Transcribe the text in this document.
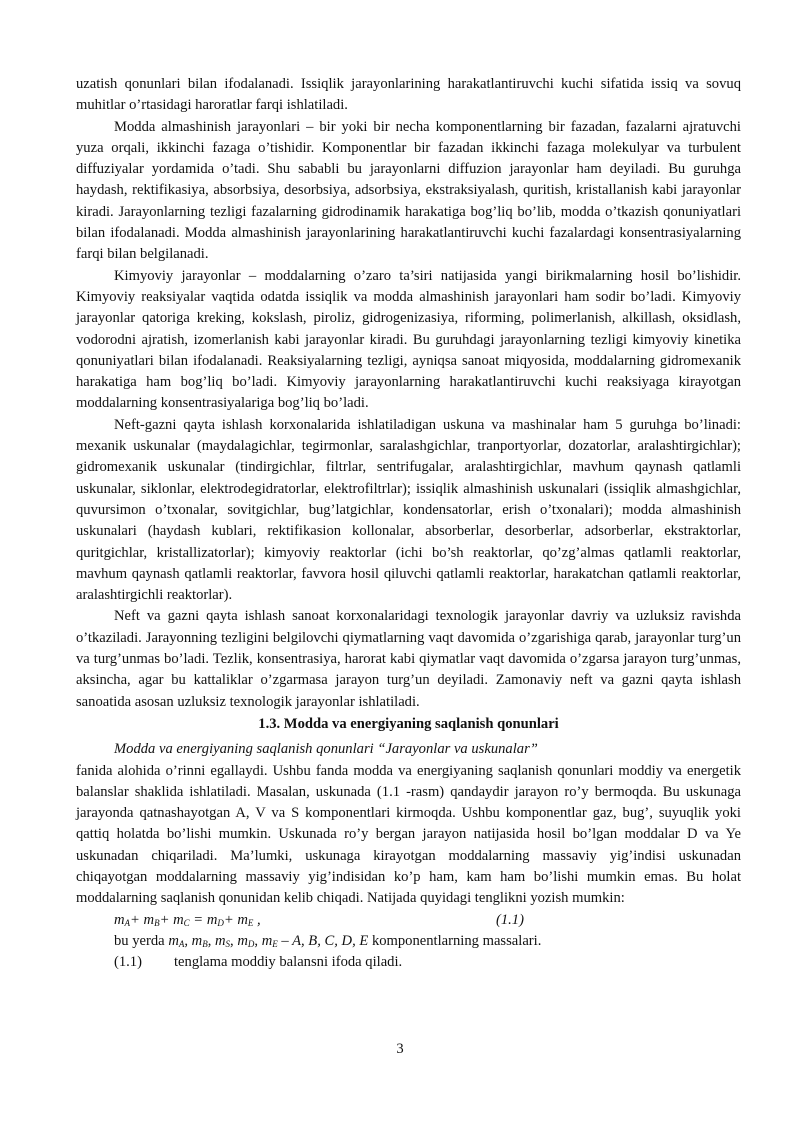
uzatish qonunlari bilan ifodalanadi. Issiqlik jarayonlarining harakatlantiruvchi kuchi sifatida issiq va sovuq muhitlar o’rtasidagi haroratlar farqi ishlatiladi.

Modda almashinish jarayonlari – bir yoki bir necha komponentlarning bir fazadan, fazalarni ajratuvchi yuza orqali, ikkinchi fazaga o’tishidir. Komponentlar bir fazadan ikkinchi fazaga molekulyar va turbulent diffuziyalar yordamida o’tadi. Shu sababli bu jarayonlarni diffuzion jarayonlar ham deyiladi. Bu guruhga haydash, rektifikasiya, absorbsiya, desorbsiya, adsorbsiya, ekstraksiyalash, quritish, kristallanish kabi jarayonlar kiradi. Jarayonlarning tezligi fazalarning gidrodinamik harakatiga bog’liq bo’lib, modda o’tkazish qonuniyatlari bilan ifodalanadi. Modda almashinish jarayonlarining harakatlantiruvchi kuchi fazalardagi konsentrasiyalarning farqi bilan belgilanadi.

Kimyoviy jarayonlar – moddalarning o’zaro ta’siri natijasida yangi birikmalarning hosil bo’lishidir. Kimyoviy reaksiyalar vaqtida odatda issiqlik va modda almashinish jarayonlari ham sodir bo’ladi. Kimyoviy jarayonlar qatoriga kreking, kokslash, piroliz, gidrogenizasiya, riforming, polimerlanish, alkillash, oksidlash, vodorodni ajratish, izomerlanish kabi jarayonlar kiradi. Bu guruhdagi jarayonlarning tezligi kimyoviy kinetika qonuniyatlari bilan ifodalanadi. Reaksiyalarning tezligi, ayniqsa sanoat miqyosida, moddalarning gidromexanik harakatiga ham bog’liq bo’ladi. Kimyoviy jarayonlarning harakatlantiruvchi kuchi reaksiyaga kirayotgan moddalarning konsentrasiyalariga bog’liq bo’ladi.

Neft-gazni qayta ishlash korxonalarida ishlatiladigan uskuna va mashinalar ham 5 guruhga bo’linadi: mexanik uskunalar (maydalagichlar, tegirmonlar, saralashgichlar, tranportyorlar, dozatorlar, aralashtirgichlar); gidromexanik uskunalar (tindirgichlar, filtrlar, sentrifugalar, aralashtirgichlar, mavhum qaynash qatlamli uskunalar, siklonlar, elektrodegidratorlar, elektrofiltrlar); issiqlik almashinish uskunalari (issiqlik almashgichlar, quvursimon o’txonalar, sovitgichlar, bug’latgichlar, kondensatorlar, erish o’txonalari); modda almashinish uskunalari (haydash kublari, rektifikasion kollonalar, absorberlar, desorberlar, adsorberlar, ekstraktorlar, quritgichlar, kristallizatorlar); kimyoviy reaktorlar (ichi bo’sh reaktorlar, qo’zg’almas qatlamli reaktorlar, mavhum qaynash qatlamli reaktorlar, favvora hosil qiluvchi qatlamli reaktorlar, harakatchan qatlamli reaktorlar, aralashtirgichli reaktorlar).

Neft va gazni qayta ishlash sanoat korxonalaridagi texnologik jarayonlar davriy va uzluksiz ravishda o’tkaziladi. Jarayonning tezligini belgilovchi qiymatlarning vaqt davomida o’zgarishiga qarab, jarayonlar turg’un va turg’unmas bo’ladi. Tezlik, konsentrasiya, harorat kabi qiymatlar vaqt davomida o’zgarsa jarayon turg’unmas, aksincha, agar bu kattaliklar o’zgarmasa jarayon turg’un deyiladi. Zamonaviy neft va gazni qayta ishlash sanoatida asosan uzluksiz texnologik jarayonlar ishlatiladi.

1.3. Modda va energiyaning saqlanish qonunlari

Modda va energiyaning saqlanish qonunlari “Jarayonlar va uskunalar”

fanida alohida o’rinni egallaydi. Ushbu fanda modda va energiyaning saqlanish qonunlari moddiy va energetik balanslar shaklida ishlatiladi. Masalan, uskunada (1.1 -rasm) qandaydir jarayon ro’y bermoqda. Bu uskunaga jarayonda qatnashayotgan A, V va S komponentlari kirmoqda. Ushbu komponentlar gaz, bug’, suyuqlik yoki qattiq holatda bo’lishi mumkin. Uskunada ro’y bergan jarayon natijasida hosil bo’lgan moddalar D va Ye uskunadan chiqariladi. Ma’lumki, uskunaga kirayotgan moddalarning massaviy yig’indisi uskunadan chiqayotgan moddalarning massaviy yig’indisidan ko’p ham, kam ham bo’lishi mumkin emas. Bu holat moddalarning saqlanish qonunidan kelib chiqadi. Natijada quyidagi tenglikni yozish mumkin:

$m_A+ m_B+ m_C = m_D+ m_E$ ,	(1.1)
bu yerda $m_A$, $m_B$, $m_S$, $m_D$, $m_E$ – A, B, C, D, E komponentlarning massalari.
(1.1) tenglama moddiy balansni ifoda qiladi.
3
